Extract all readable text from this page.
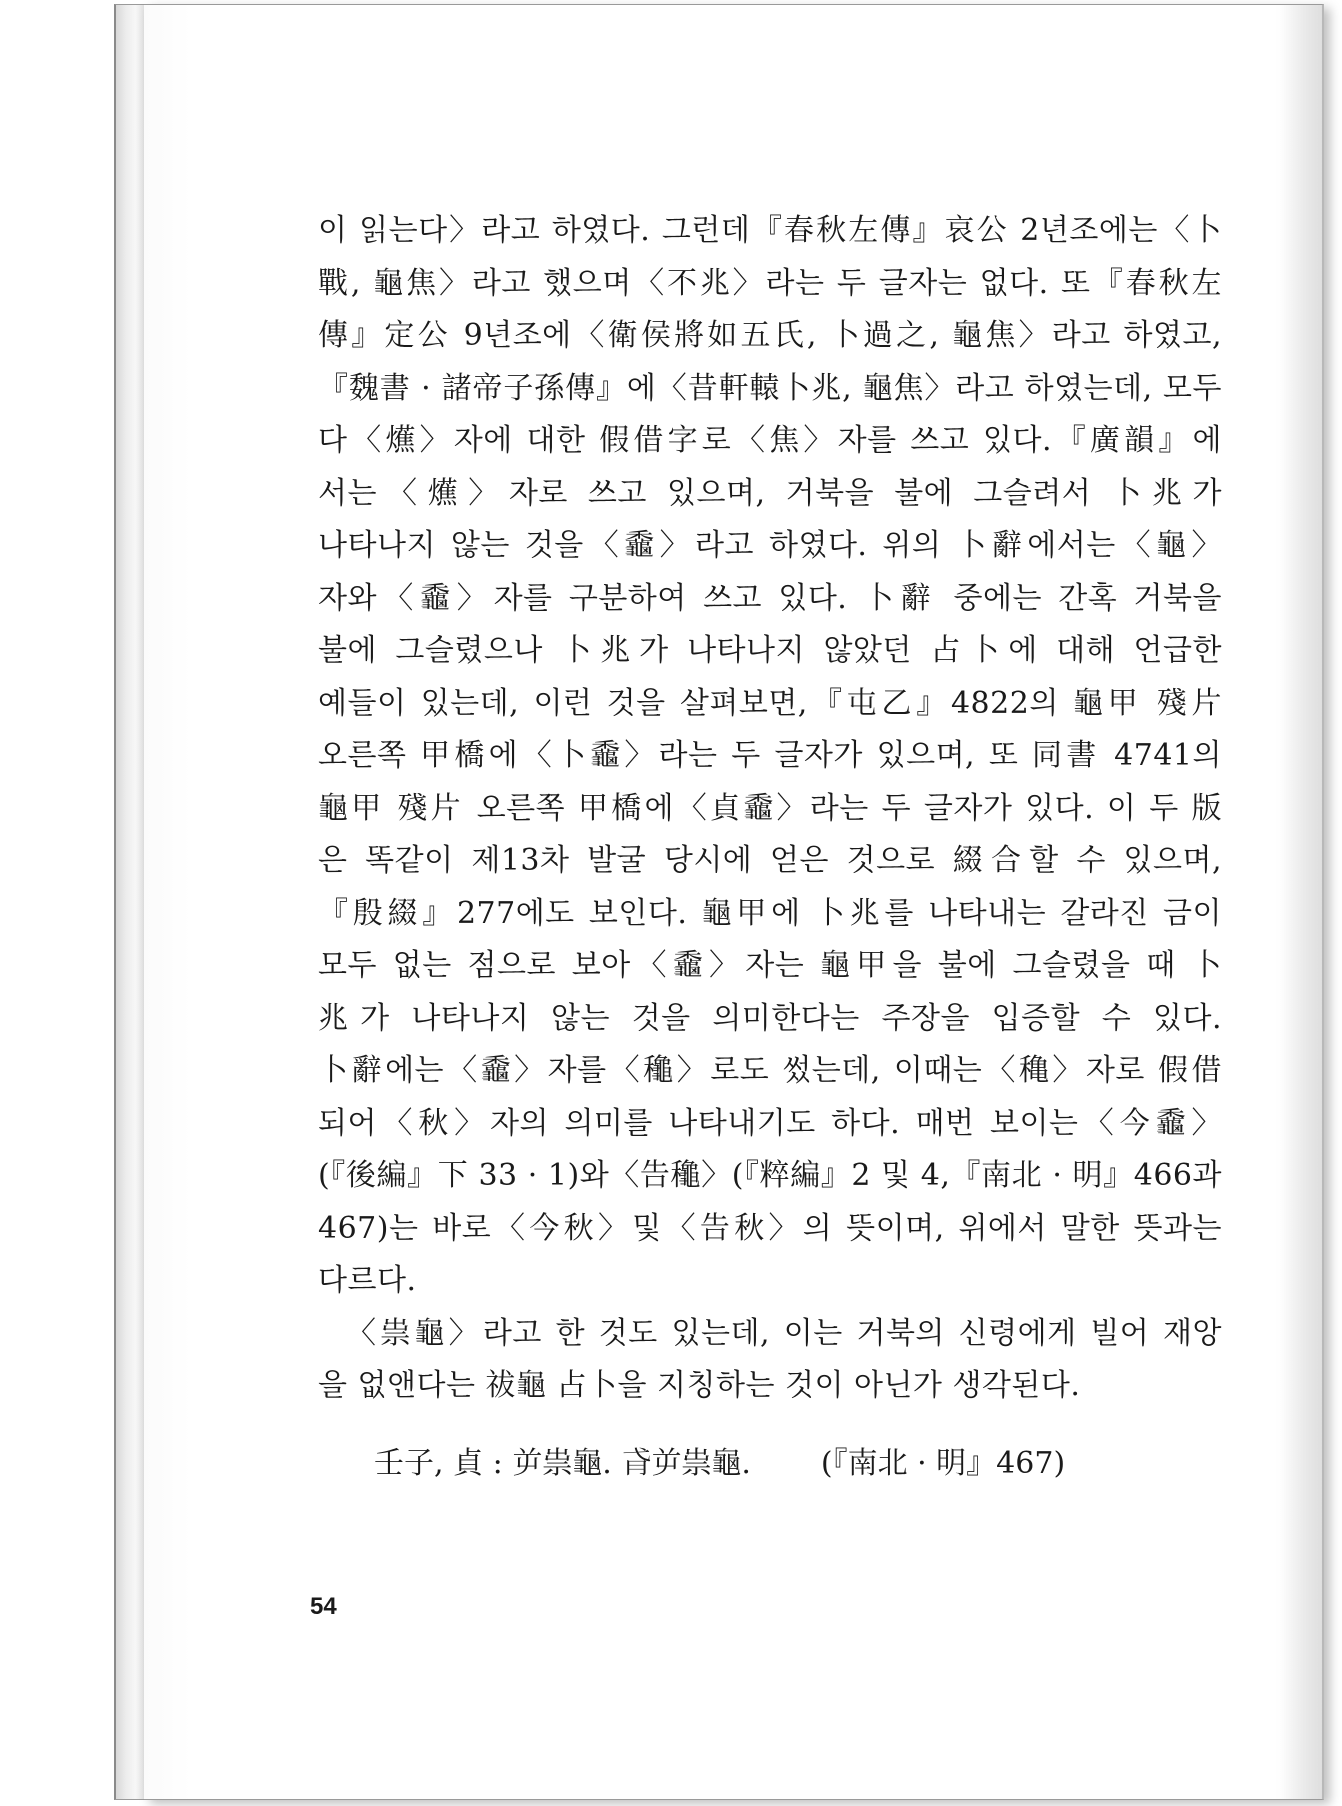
이 읽는다〉라고 하였다. 그런데『春秋左傳』哀公 2년조에는〈卜
戰, 龜焦〉라고 했으며〈不兆〉라는 두 글자는 없다. 또『春秋左
傳』定公 9년조에〈衛侯將如五氏, 卜過之, 龜焦〉라고 하였고,
『魏書 · 諸帝子孫傳』에〈昔軒轅卜兆, 龜焦〉라고 하였는데, 모두
다〈爑〉자에 대한 假借字로〈焦〉자를 쓰고 있다.『廣韻』에
서는〈爑〉자로 쓰고 있으며, 거북을 불에 그슬려서 卜兆가
나타나지 않는 것을〈𪚼〉라고 하였다. 위의 卜辭에서는〈龜〉
자와〈𪚼〉자를 구분하여 쓰고 있다. 卜辭 중에는 간혹 거북을
불에 그슬렸으나 卜兆가 나타나지 않았던 占卜에 대해 언급한
예들이 있는데, 이런 것을 살펴보면,『屯乙』4822의 龜甲 殘片
오른쪽 甲橋에〈卜𪚼〉라는 두 글자가 있으며, 또 同書 4741의
龜甲 殘片 오른쪽 甲橋에〈貞𪚼〉라는 두 글자가 있다. 이 두 版
은 똑같이 제13차 발굴 당시에 얻은 것으로 綴合할 수 있으며,
『殷綴』277에도 보인다. 龜甲에 卜兆를 나타내는 갈라진 금이
모두 없는 점으로 보아〈𪚼〉자는 龜甲을 불에 그슬렸을 때 卜
兆가 나타나지 않는 것을 의미한다는 주장을 입증할 수 있다.
卜辭에는〈𪚼〉자를〈䆋〉로도 썼는데, 이때는〈穐〉자로 假借
되어〈秋〉자의 의미를 나타내기도 하다. 매번 보이는〈今𪚼〉
(『後編』下 33 · 1)와〈告䆋〉(『粹編』2 및 4,『南北 · 明』466과
467)는 바로〈今秋〉및〈告秋〉의 뜻이며, 위에서 말한 뜻과는
다르다.
〈祟龜〉라고 한 것도 있는데, 이는 거북의 신령에게 빌어 재앙
을 없앤다는 祓龜 占卜을 지칭하는 것이 아닌가 생각된다.
壬子, 貞 : 屰祟龜. 𢎀屰祟龜. (『南北 · 明』467)
54
